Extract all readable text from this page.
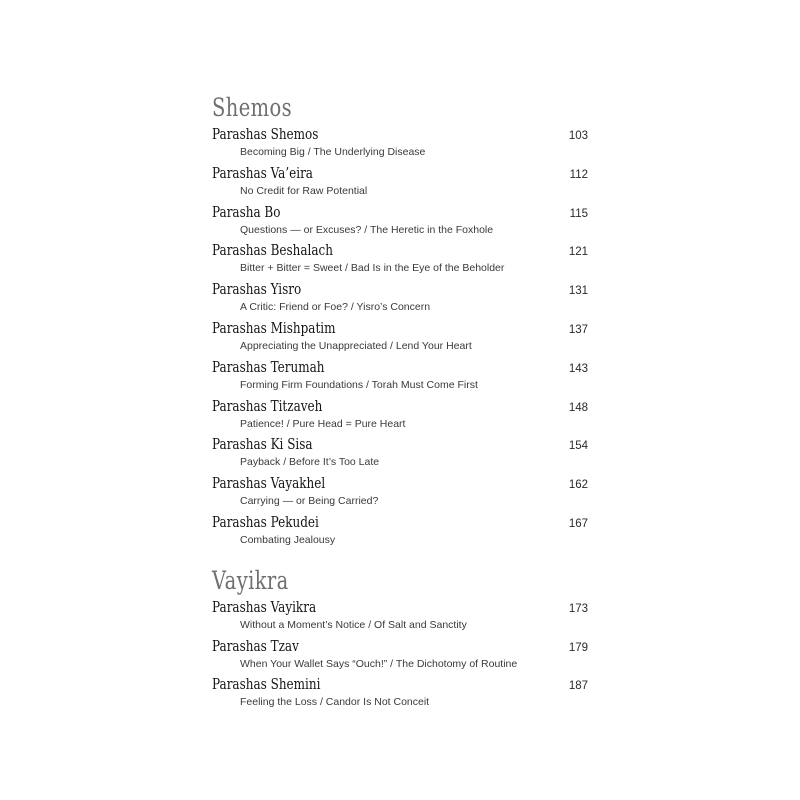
Shemos
Parashas Shemos	103
Becoming Big / The Underlying Disease
Parashas Va’eira	112
No Credit for Raw Potential
Parasha Bo	115
Questions — or Excuses? / The Heretic in the Foxhole
Parashas Beshalach	121
Bitter + Bitter = Sweet / Bad Is in the Eye of the Beholder
Parashas Yisro	131
A Critic: Friend or Foe? / Yisro’s Concern
Parashas Mishpatim	137
Appreciating the Unappreciated / Lend Your Heart
Parashas Terumah	143
Forming Firm Foundations / Torah Must Come First
Parashas Titzaveh	148
Patience! / Pure Head = Pure Heart
Parashas Ki Sisa	154
Payback / Before It’s Too Late
Parashas Vayakhel	162
Carrying — or Being Carried?
Parashas Pekudei	167
Combating Jealousy
Vayikra
Parashas Vayikra	173
Without a Moment’s Notice / Of Salt and Sanctity
Parashas Tzav	179
When Your Wallet Says “Ouch!” / The Dichotomy of Routine
Parashas Shemini	187
Feeling the Loss / Candor Is Not Conceit
